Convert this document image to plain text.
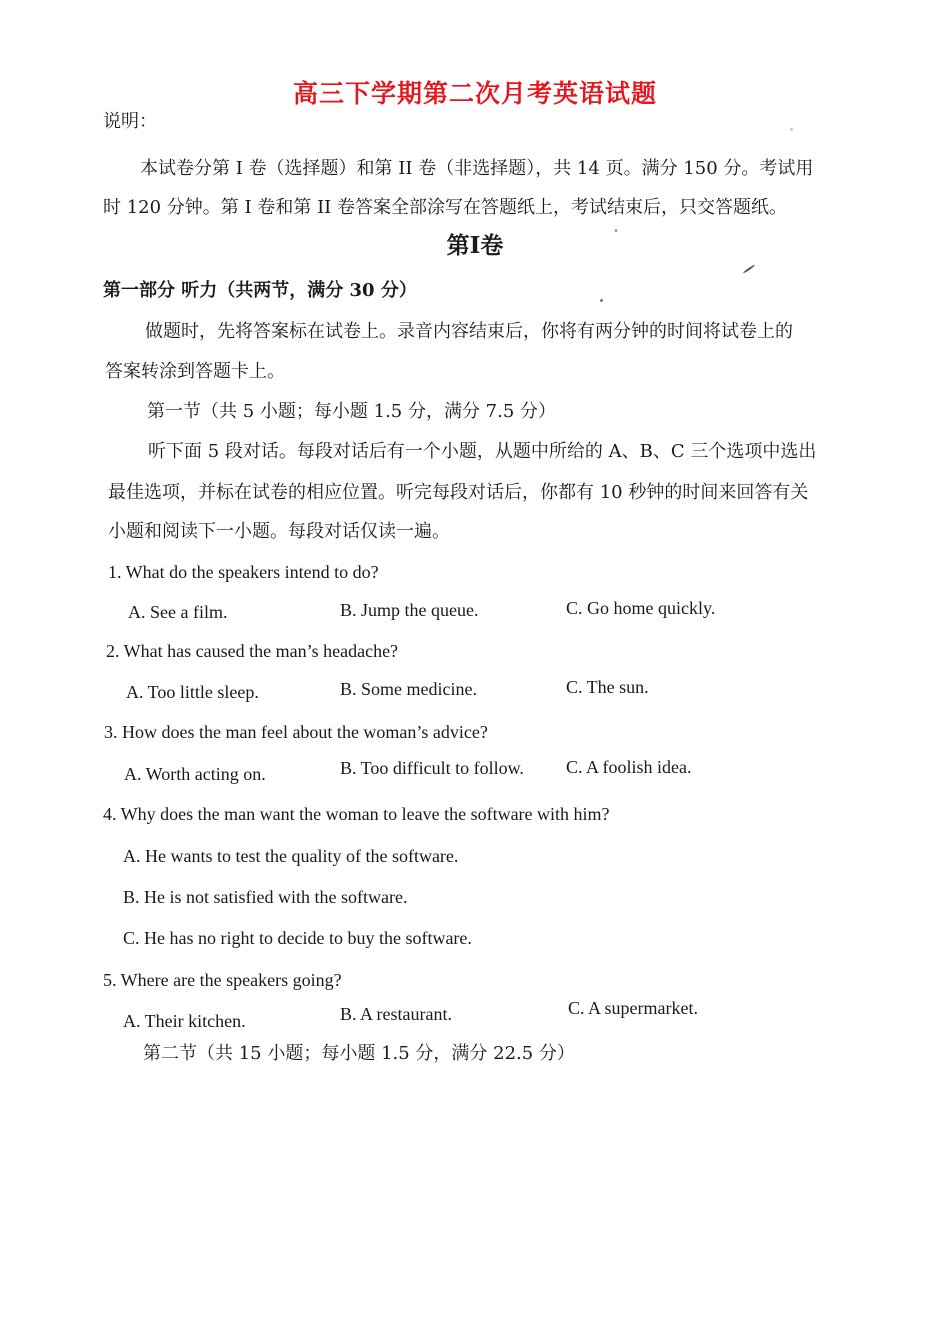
高三下学期第二次月考英语试题
说明：
本试卷分第 I 卷（选择题）和第 II 卷（非选择题），共 14 页。满分 150 分。考试用
时 120 分钟。第 I 卷和第 II 卷答案全部涂写在答题纸上，考试结束后，只交答题纸。
第Ⅰ卷
第一部分 听力（共两节，满分 30 分）
做题时，先将答案标在试卷上。录音内容结束后，你将有两分钟的时间将试卷上的
答案转涂到答题卡上。
第一节（共 5 小题；每小题 1.5 分，满分 7.5 分）
听下面 5 段对话。每段对话后有一个小题，从题中所给的 A、B、C 三个选项中选出
最佳选项，并标在试卷的相应位置。听完每段对话后，你都有 10 秒钟的时间来回答有关
小题和阅读下一小题。每段对话仅读一遍。
1. What do the speakers intend to do?
A. See a film.	B. Jump the queue.	C. Go home quickly.
2. What has caused the man’s headache?
A. Too little sleep.	B. Some medicine.	C. The sun.
3. How does the man feel about the woman’s advice?
A. Worth acting on.	B. Too difficult to follow. C. A foolish idea.
4. Why does the man want the woman to leave the software with him?
A. He wants to test the quality of the software.
B. He is not satisfied with the software.
C. He has no right to decide to buy the software.
5. Where are the speakers going?
A. Their kitchen.	B. A restaurant.	C. A supermarket.
第二节（共 15 小题；每小题 1.5 分，满分 22.5 分）
